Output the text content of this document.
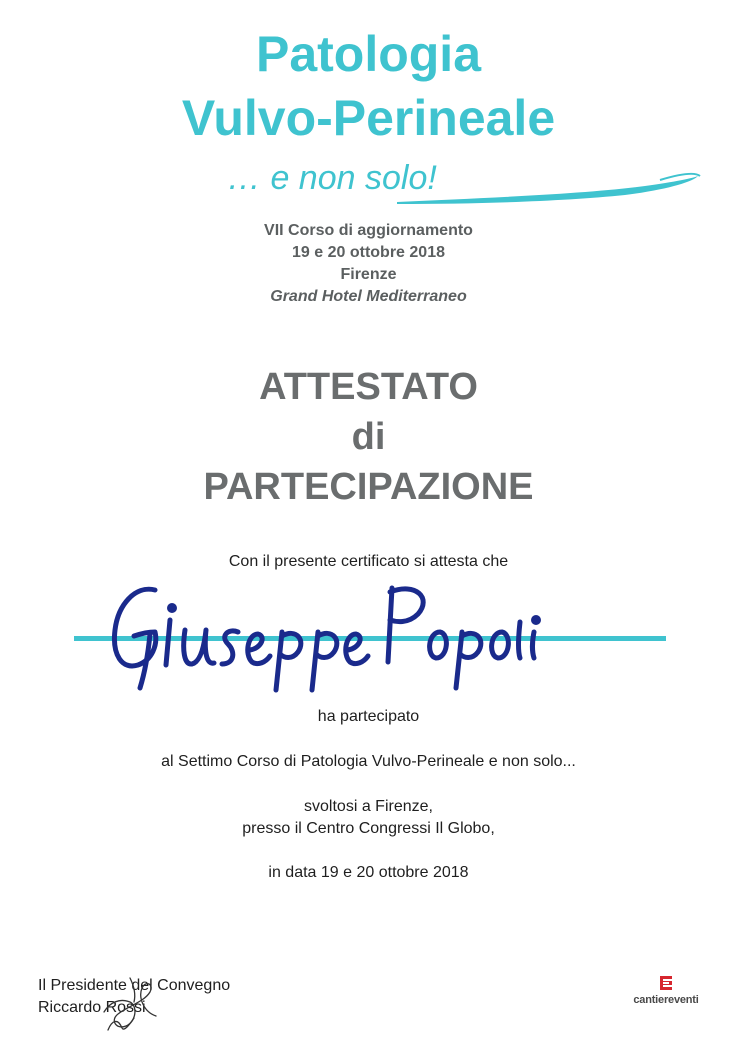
Patologia
Vulvo-Perineale
… e non solo!
VII Corso di aggiornamento
19 e 20 ottobre 2018
Firenze
Grand Hotel Mediterraneo
ATTESTATO
di
PARTECIPAZIONE
Con il presente certificato si attesta che
ha partecipato
al Settimo Corso di Patologia Vulvo-Perineale e non solo...
svoltosi a Firenze,
presso il Centro Congressi Il Globo,
in data 19 e 20 ottobre 2018
Il Presidente del Convegno
Riccardo Rossi	cantiereventi
